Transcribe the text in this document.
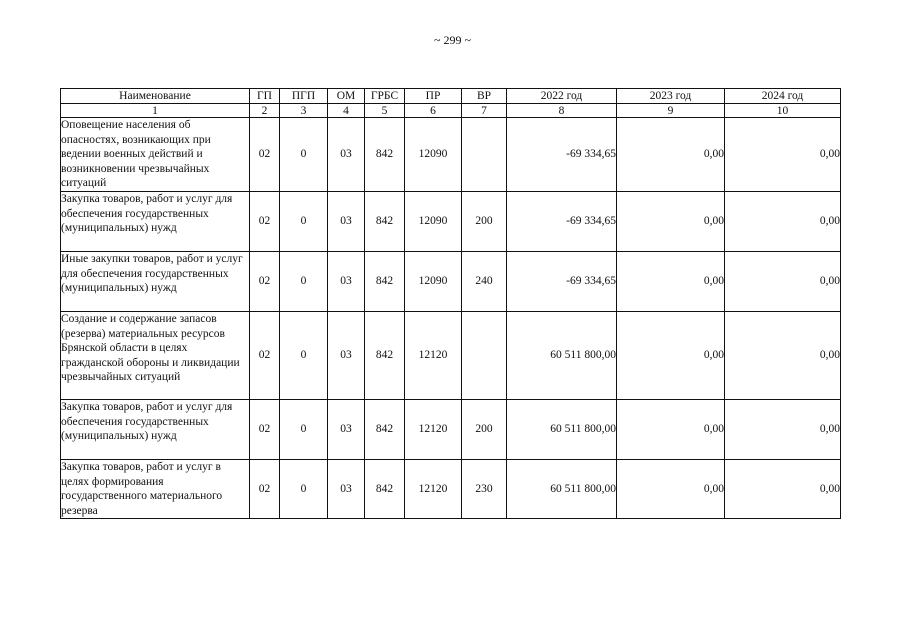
~ 299 ~
Наименование	ГП	ПГП	ОМ	ГРБС	ПР	ВР	2022 год	2023 год	2024 год
1	2	3	4	5	6	7	8	9	10
Оповещение населения об опасностях, возникающих при ведении военных действий и возникновении чрезвычайных ситуаций	02	0	03	842	12090		-69 334,65	0,00	0,00
Закупка товаров, работ и услуг для обеспечения государственных (муниципальных) нужд	02	0	03	842	12090	200	-69 334,65	0,00	0,00
Иные закупки товаров, работ и услуг для обеспечения государственных (муниципальных) нужд	02	0	03	842	12090	240	-69 334,65	0,00	0,00
Создание и содержание запасов (резерва) материальных ресурсов Брянской области в целях гражданской обороны и ликвидации чрезвычайных ситуаций	02	0	03	842	12120		60 511 800,00	0,00	0,00
Закупка товаров, работ и услуг для обеспечения государственных (муниципальных) нужд	02	0	03	842	12120	200	60 511 800,00	0,00	0,00
Закупка товаров, работ и услуг в целях формирования государственного материального резерва	02	0	03	842	12120	230	60 511 800,00	0,00	0,00
